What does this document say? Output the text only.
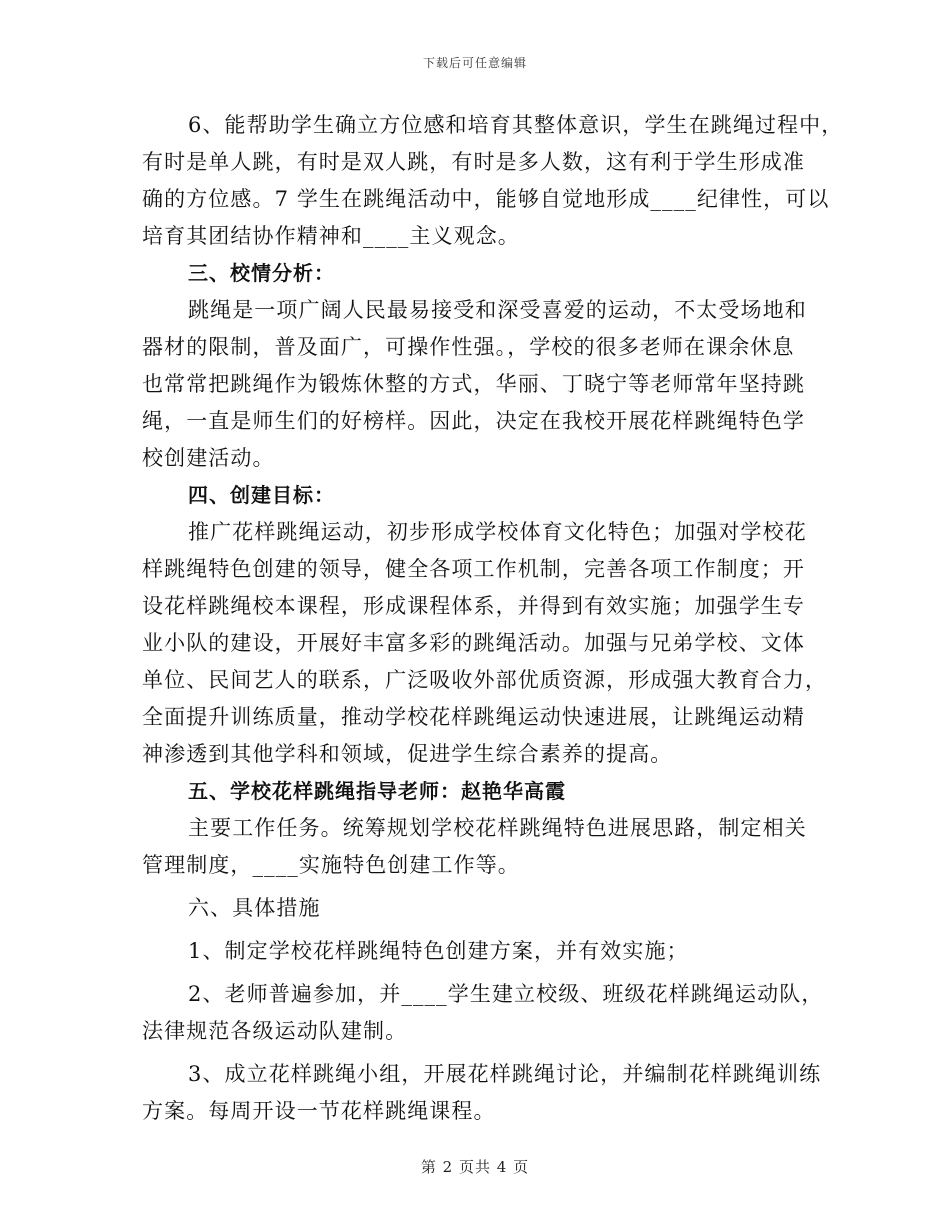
下载后可任意编辑
6、能帮助学生确立方位感和培育其整体意识，学生在跳绳过程中，
有时是单人跳，有时是双人跳，有时是多人数，这有利于学生形成准
确的方位感。7 学生在跳绳活动中，能够自觉地形成____纪律性，可以
培育其团结协作精神和____主义观念。
三、校情分析：
跳绳是一项广阔人民最易接受和深受喜爱的运动，不太受场地和
器材的限制，普及面广，可操作性强。，学校的很多老师在课余休息
也常常把跳绳作为锻炼休整的方式，华丽、丁晓宁等老师常年坚持跳
绳，一直是师生们的好榜样。因此，决定在我校开展花样跳绳特色学
校创建活动。
四、创建目标：
推广花样跳绳运动，初步形成学校体育文化特色；加强对学校花
样跳绳特色创建的领导，健全各项工作机制，完善各项工作制度；开
设花样跳绳校本课程，形成课程体系，并得到有效实施；加强学生专
业小队的建设，开展好丰富多彩的跳绳活动。加强与兄弟学校、文体
单位、民间艺人的联系，广泛吸收外部优质资源，形成强大教育合力，
全面提升训练质量，推动学校花样跳绳运动快速进展，让跳绳运动精
神渗透到其他学科和领域，促进学生综合素养的提高。
五、学校花样跳绳指导老师：赵艳华高霞
主要工作任务。统筹规划学校花样跳绳特色进展思路，制定相关
管理制度，____实施特色创建工作等。
六、具体措施
1、制定学校花样跳绳特色创建方案，并有效实施；
2、老师普遍参加，并____学生建立校级、班级花样跳绳运动队，
法律规范各级运动队建制。
3、成立花样跳绳小组，开展花样跳绳讨论，并编制花样跳绳训练
方案。每周开设一节花样跳绳课程。
第 2 页共 4 页
